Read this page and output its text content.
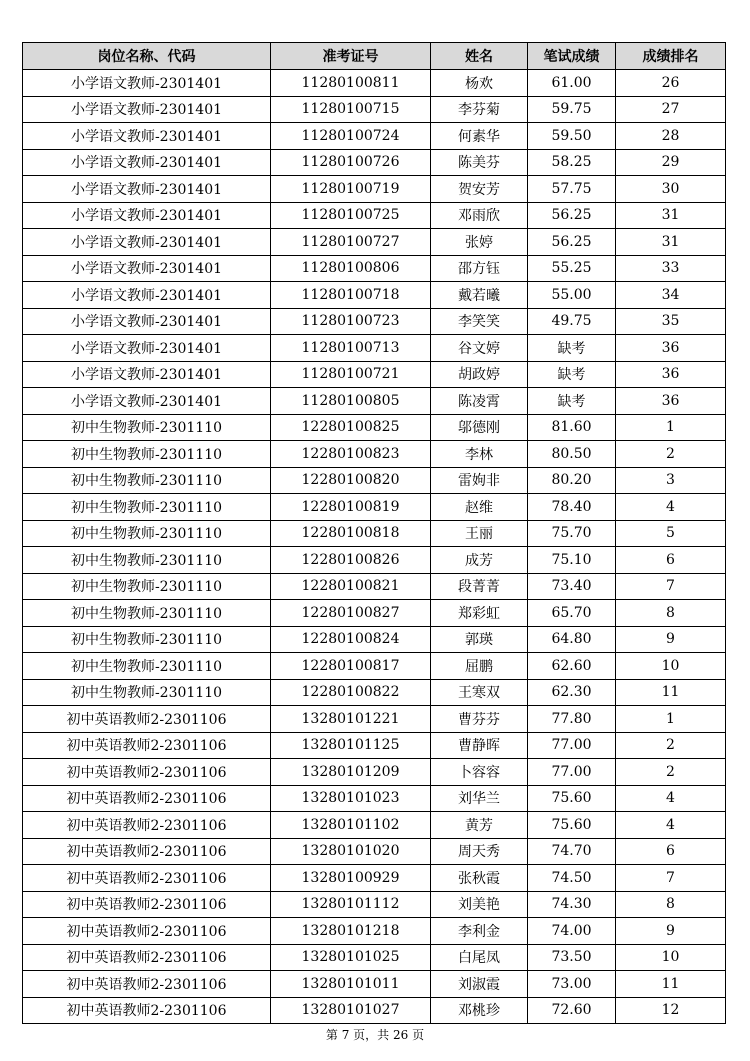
岗位名称、代码	准考证号	姓名	笔试成绩	成绩排名
小学语文教师-2301401	11280100811	杨欢	61.00	26
小学语文教师-2301401	11280100715	李芬菊	59.75	27
小学语文教师-2301401	11280100724	何素华	59.50	28
小学语文教师-2301401	11280100726	陈美芬	58.25	29
小学语文教师-2301401	11280100719	贺安芳	57.75	30
小学语文教师-2301401	11280100725	邓雨欣	56.25	31
小学语文教师-2301401	11280100727	张婷	56.25	31
小学语文教师-2301401	11280100806	邵方钰	55.25	33
小学语文教师-2301401	11280100718	戴若曦	55.00	34
小学语文教师-2301401	11280100723	李笑笑	49.75	35
小学语文教师-2301401	11280100713	谷文婷	缺考	36
小学语文教师-2301401	11280100721	胡政婷	缺考	36
小学语文教师-2301401	11280100805	陈凌霄	缺考	36
初中生物教师-2301110	12280100825	邬德刚	81.60	1
初中生物教师-2301110	12280100823	李林	80.50	2
初中生物教师-2301110	12280100820	雷姁非	80.20	3
初中生物教师-2301110	12280100819	赵维	78.40	4
初中生物教师-2301110	12280100818	王丽	75.70	5
初中生物教师-2301110	12280100826	成芳	75.10	6
初中生物教师-2301110	12280100821	段菁菁	73.40	7
初中生物教师-2301110	12280100827	郑彩虹	65.70	8
初中生物教师-2301110	12280100824	郭瑛	64.80	9
初中生物教师-2301110	12280100817	屈鹏	62.60	10
初中生物教师-2301110	12280100822	王寒双	62.30	11
初中英语教师2-2301106	13280101221	曹芬芬	77.80	1
初中英语教师2-2301106	13280101125	曹静晖	77.00	2
初中英语教师2-2301106	13280101209	卜容容	77.00	2
初中英语教师2-2301106	13280101023	刘华兰	75.60	4
初中英语教师2-2301106	13280101102	黄芳	75.60	4
初中英语教师2-2301106	13280101020	周天秀	74.70	6
初中英语教师2-2301106	13280100929	张秋霞	74.50	7
初中英语教师2-2301106	13280101112	刘美艳	74.30	8
初中英语教师2-2301106	13280101218	李利金	74.00	9
初中英语教师2-2301106	13280101025	白尾凤	73.50	10
初中英语教师2-2301106	13280101011	刘淑霞	73.00	11
初中英语教师2-2301106	13280101027	邓桃珍	72.60	12
第 7 页，共 26 页
